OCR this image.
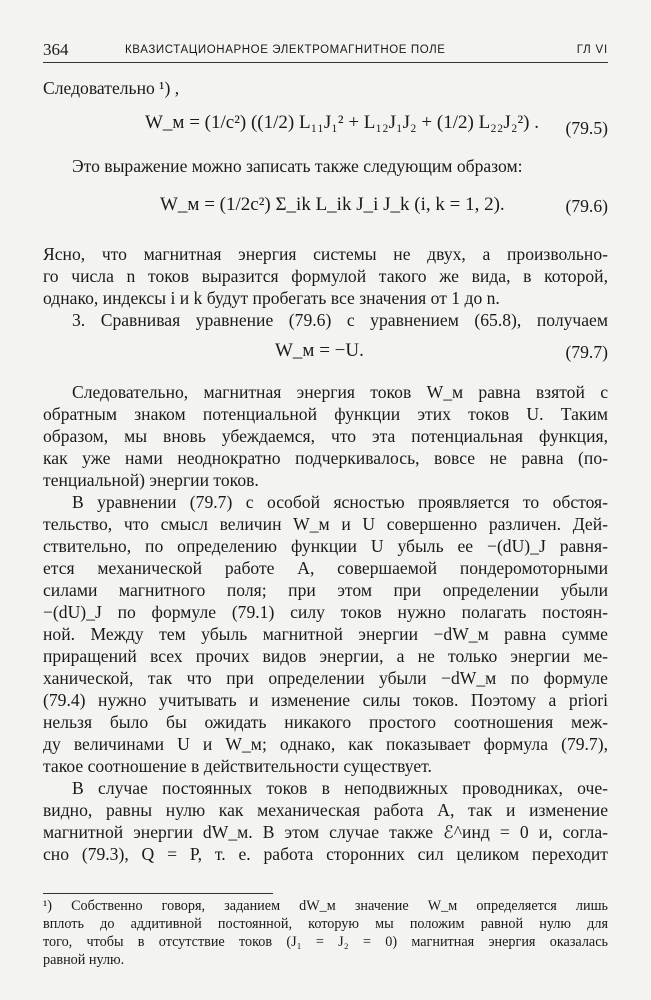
364	КВАЗИСТАЦИОНАРНОЕ ЭЛЕКТРОМАГНИТНОЕ ПОЛЕ	ГЛ VI
Следовательно ¹) ,
W_м = (1/c²) ((1/2) L₁₁J₁² + L₁₂J₁J₂ + (1/2) L₂₂J₂²) . (79.5)
Это выражение можно записать также следующим образом:
W_м = (1/2c²) Σ_ik L_ik J_i J_k (i, k = 1, 2).	(79.6)
Ясно, что магнитная энергия системы не двух, а произвольно-
го числа n токов выразится формулой такого же вида, в которой,
однако, индексы i и k будут пробегать все значения от 1 до n.
3. Сравнивая уравнение (79.6) с уравнением (65.8), получаем
W_м = −U.	(79.7)
Следовательно, магнитная энергия токов W_м равна взятой с
обратным знаком потенциальной функции этих токов U. Таким
образом, мы вновь убеждаемся, что эта потенциальная функция,
как уже нами неоднократно подчеркивалось, вовсе не равна (по-
тенциальной) энергии токов.
В уравнении (79.7) с особой ясностью проявляется то обстоя-
тельство, что смысл величин W_м и U совершенно различен. Дей-
ствительно, по определению функции U убыль ее −(dU)_J равня-
ется механической работе A, совершаемой пондеромоторными
силами магнитного поля; при этом при определении убыли
−(dU)_J по формуле (79.1) силу токов нужно полагать постоян-
ной. Между тем убыль магнитной энергии −dW_м равна сумме
приращений всех прочих видов энергии, а не только энергии ме-
ханической, так что при определении убыли −dW_м по формуле
(79.4) нужно учитывать и изменение силы токов. Поэтому a priori
нельзя было бы ожидать никакого простого соотношения меж-
ду величинами U и W_м; однако, как показывает формула (79.7),
такое соотношение в действительности существует.
В случае постоянных токов в неподвижных проводниках, оче-
видно, равны нулю как механическая работа A, так и изменение
магнитной энергии dW_м. В этом случае также ℰ^инд = 0 и, согла-
сно (79.3), Q = P, т. е. работа сторонних сил целиком переходит
¹) Собственно говоря, заданием dW_м значение W_м определяется лишь
вплоть до аддитивной постоянной, которую мы положим равной нулю для
того, чтобы в отсутствие токов (J₁ = J₂ = 0) магнитная энергия оказалась
равной нулю.
